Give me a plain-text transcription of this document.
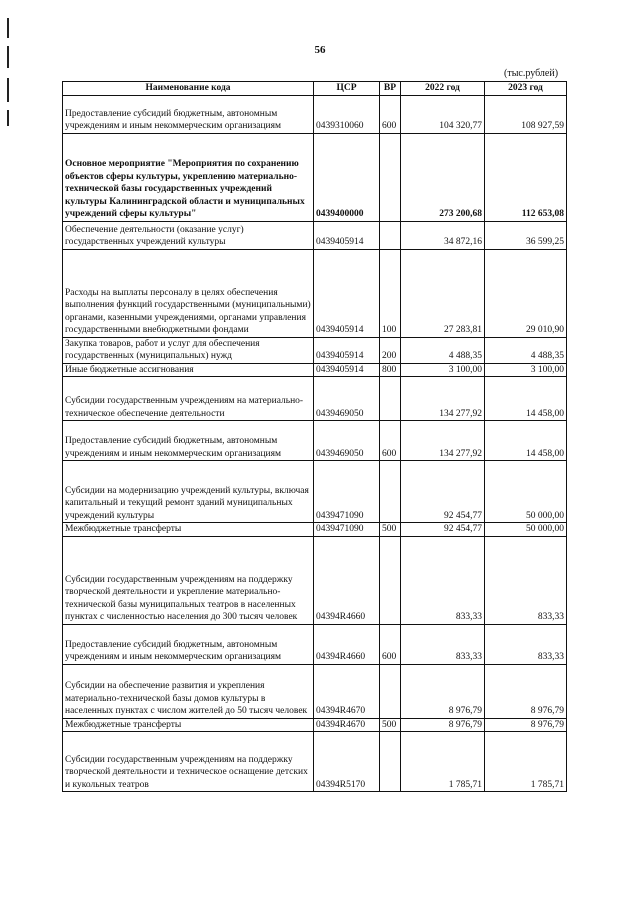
56
(тыс.рублей)
Наименование кода	ЦСР	ВР	2022 год	2023 год
Предоставление субсидий бюджетным, автономным учреждениям и иным некоммерческим организациям	0439310060	600	104 320,77	108 927,59
Основное мероприятие "Мероприятия по сохранению объектов сферы культуры, укреплению материально-технической базы государственных учреждений культуры Калининградской области и муниципальных учреждений сферы культуры"	0439400000		273 200,68	112 653,08
Обеспечение деятельности (оказание услуг) государственных учреждений культуры	0439405914		34 872,16	36 599,25
Расходы на выплаты персоналу в целях обеспечения выполнения функций государственными (муниципальными) органами, казенными учреждениями, органами управления государственными внебюджетными фондами	0439405914	100	27 283,81	29 010,90
Закупка товаров, работ и услуг для обеспечения государственных (муниципальных) нужд	0439405914	200	4 488,35	4 488,35
Иные бюджетные ассигнования	0439405914	800	3 100,00	3 100,00
Субсидии государственным учреждениям на материально-техническое обеспечение деятельности	0439469050		134 277,92	14 458,00
Предоставление субсидий бюджетным, автономным учреждениям и иным некоммерческим организациям	0439469050	600	134 277,92	14 458,00
Субсидии на модернизацию учреждений культуры, включая капитальный и текущий ремонт зданий муниципальных учреждений культуры	0439471090		92 454,77	50 000,00
Межбюджетные трансферты	0439471090	500	92 454,77	50 000,00
Субсидии государственным учреждениям на поддержку творческой деятельности и укрепление материально-технической базы муниципальных театров в населенных пунктах с численностью населения до 300 тысяч человек	04394R4660		833,33	833,33
Предоставление субсидий бюджетным, автономным учреждениям и иным некоммерческим организациям	04394R4660	600	833,33	833,33
Субсидии на обеспечение развития и укрепления материально-технической базы домов культуры в населенных пунктах с числом жителей до 50 тысяч человек	04394R4670		8 976,79	8 976,79
Межбюджетные трансферты	04394R4670	500	8 976,79	8 976,79
Субсидии государственным учреждениям на поддержку творческой деятельности и техническое оснащение детских и кукольных театров	04394R5170		1 785,71	1 785,71
